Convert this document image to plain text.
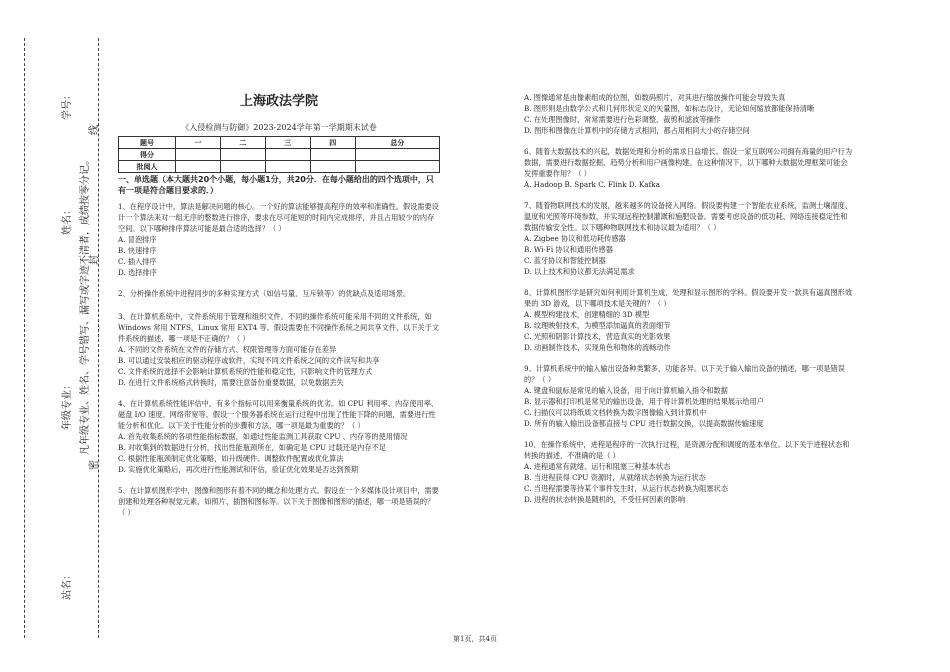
学号：
姓名：
年级专业：
站名：
凡年级专业、姓名、学号错写、漏写或字迹不清者，成绩按零分记。
密
封
线
上海政法学院
《入侵检测与防御》2023-2024学年第一学期期末试卷
题号	一	二	三	四	总分
得分					
批阅人					
一、单选题（本大题共20个小题，每小题1分，共20分．在每小题给出的四个选项中，只有一项是符合题目要求的．）
1、在程序设计中，算法是解决问题的核心。一个好的算法能够提高程序的效率和准确性。假设需要设计一个算法来对一组无序的整数进行排序，要求在尽可能短的时间内完成排序，并且占用较少的内存空间。以下哪种排序算法可能是最合适的选择？（ ）
A. 冒泡排序
B. 快速排序
C. 插入排序
D. 选择排序
2、分析操作系统中进程同步的多种实现方式（如信号量、互斥锁等）的优缺点及适用场景。
3、在计算机系统中，文件系统用于管理和组织文件。不同的操作系统可能采用不同的文件系统，如 Windows 常用 NTFS，Linux 常用 EXT4 等。假设需要在不同操作系统之间共享文件，以下关于文件系统的描述，哪一项是不正确的？（ ）
A. 不同的文件系统在文件的存储方式、权限管理等方面可能存在差异
B. 可以通过安装相应的驱动程序或软件，实现不同文件系统之间的文件读写和共享
C. 文件系统的选择不会影响计算机系统的性能和稳定性，只影响文件的管理方式
D. 在进行文件系统格式转换时，需要注意备份重要数据，以免数据丢失
4、在计算机系统性能评估中，有多个指标可以用来衡量系统的优劣。如 CPU 利用率、内存使用率、磁盘 I/O 速度、网络带宽等。假设一个服务器系统在运行过程中出现了性能下降的问题，需要进行性能分析和优化。以下关于性能分析的步骤和方法，哪一项是最为重要的？（ ）
A. 首先收集系统的各项性能指标数据，如通过性能监测工具获取 CPU 、内存等的使用情况
B. 对收集到的数据进行分析，找出性能瓶颈所在，如确定是 CPU 过载还是内存不足
C. 根据性能瓶颈制定优化策略，如升级硬件、调整软件配置或优化算法
D. 实施优化策略后，再次进行性能测试和评估，验证优化效果是否达到预期
5、在计算机图形学中，图像和图形有着不同的概念和处理方式。假设在一个多媒体设计项目中，需要创建和处理各种视觉元素，如照片、插图和图标等。以下关于图像和图形的描述，哪一项是错误的？（ ）
A. 图像通常是由像素组成的位图，如数码照片，对其进行缩放操作可能会导致失真
B. 图形则是由数学公式和几何形状定义的矢量图，如标志设计，无论如何缩放都能保持清晰
C. 在处理图像时，常常需要进行色彩调整、裁剪和滤波等操作
D. 图形和图像在计算机中的存储方式相同，都占用相同大小的存储空间
6、随着大数据技术的兴起，数据处理和分析的需求日益增长。假设一家互联网公司拥有海量的用户行为数据，需要进行数据挖掘、趋势分析和用户画像构建。在这种情况下，以下哪种大数据处理框架可能会发挥重要作用？（ ）
A. Hadoop B. Spark C. Flink D. Kafka
7、随着物联网技术的发展，越来越多的设备接入网络。假设要构建一个智能农业系统，监测土壤湿度、温度和光照等环境参数，并实现远程控制灌溉和施肥设备。需要考虑设备的低功耗、网络连接稳定性和数据传输安全性。以下哪种物联网技术和协议最为适用？（ ）
A. Zigbee 协议和低功耗传感器
B. Wi-Fi 协议和通用传感器
C. 蓝牙协议和智能控制器
D. 以上技术和协议都无法满足需求
8、计算机图形学是研究如何利用计算机生成、处理和显示图形的学科。假设要开发一款具有逼真图形效果的 3D 游戏，以下哪项技术是关键的？（ ）
A. 模型构建技术，创建精细的 3D 模型
B. 纹理映射技术，为模型添加逼真的表面细节
C. 光照和阴影计算技术，营造真实的光影效果
D. 动画制作技术，实现角色和物体的流畅动作
9、计算机系统中的输入输出设备种类繁多，功能各异。以下关于输入输出设备的描述，哪一项是错误的？（ ）
A. 键盘和鼠标是常见的输入设备，用于向计算机输入指令和数据
B. 显示器和打印机是常见的输出设备，用于将计算机处理的结果展示给用户
C. 扫描仪可以将纸质文档转换为数字图像输入到计算机中
D. 所有的输入输出设备都直接与 CPU 进行数据交换，以提高数据传输速度
10、在操作系统中，进程是程序的一次执行过程，是资源分配和调度的基本单位。以下关于进程状态和转换的描述，不准确的是（ ）
A. 进程通常有就绪、运行和阻塞三种基本状态
B. 当进程获得 CPU 资源时，从就绪状态转换为运行状态
C. 当进程需要等待某个事件发生时，从运行状态转换为阻塞状态
D. 进程的状态转换是随机的，不受任何因素的影响
第1页，共4页
